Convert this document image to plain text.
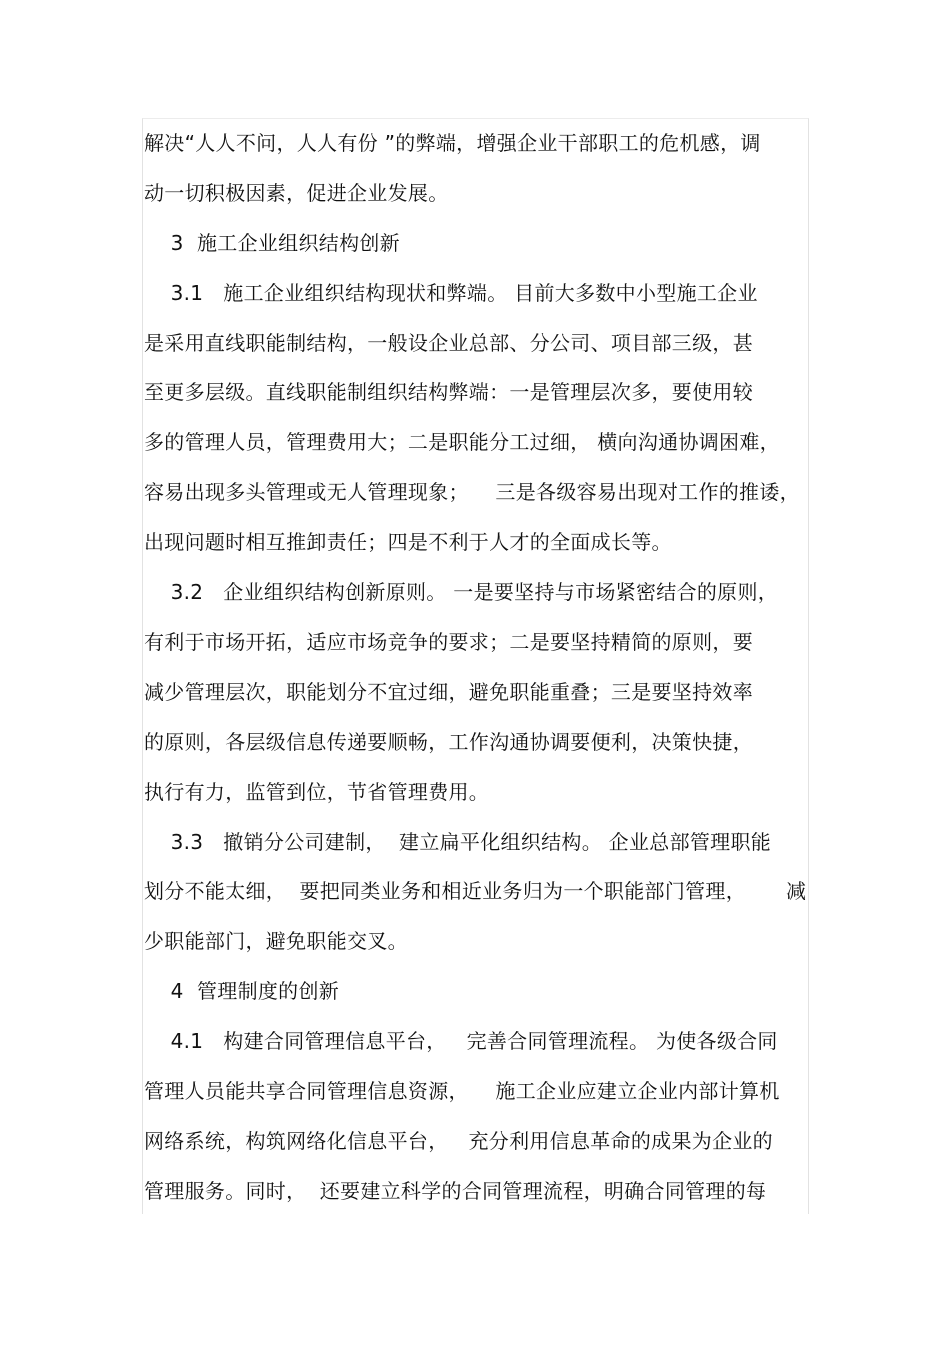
解决“人人不问，人人有份 ”的弊端，增强企业干部职工的危机感，调
动一切积极因素，促进企业发展。
3  施工企业组织结构创新
3.1   施工企业组织结构现状和弊端。 目前大多数中小型施工企业
是采用直线职能制结构，一般设企业总部、分公司、项目部三级，甚
至更多层级。直线职能制组织结构弊端：一是管理层次多，要使用较
多的管理人员，管理费用大；二是职能分工过细， 横向沟通协调困难，
容易出现多头管理或无人管理现象；    三是各级容易出现对工作的推诿，
出现问题时相互推卸责任；四是不利于人才的全面成长等。
3.2   企业组织结构创新原则。 一是要坚持与市场紧密结合的原则，
有利于市场开拓，适应市场竞争的要求；二是要坚持精简的原则，要
减少管理层次，职能划分不宜过细，避免职能重叠；三是要坚持效率
的原则，各层级信息传递要顺畅，工作沟通协调要便利，决策快捷，
执行有力，监管到位，节省管理费用。
3.3   撤销分公司建制，  建立扁平化组织结构。 企业总部管理职能
划分不能太细，  要把同类业务和相近业务归为一个职能部门管理，      减
少职能部门，避免职能交叉。
4  管理制度的创新
4.1   构建合同管理信息平台，   完善合同管理流程。 为使各级合同
管理人员能共享合同管理信息资源，    施工企业应建立企业内部计算机
网络系统，构筑网络化信息平台，   充分利用信息革命的成果为企业的
管理服务。同时，  还要建立科学的合同管理流程，明确合同管理的每
